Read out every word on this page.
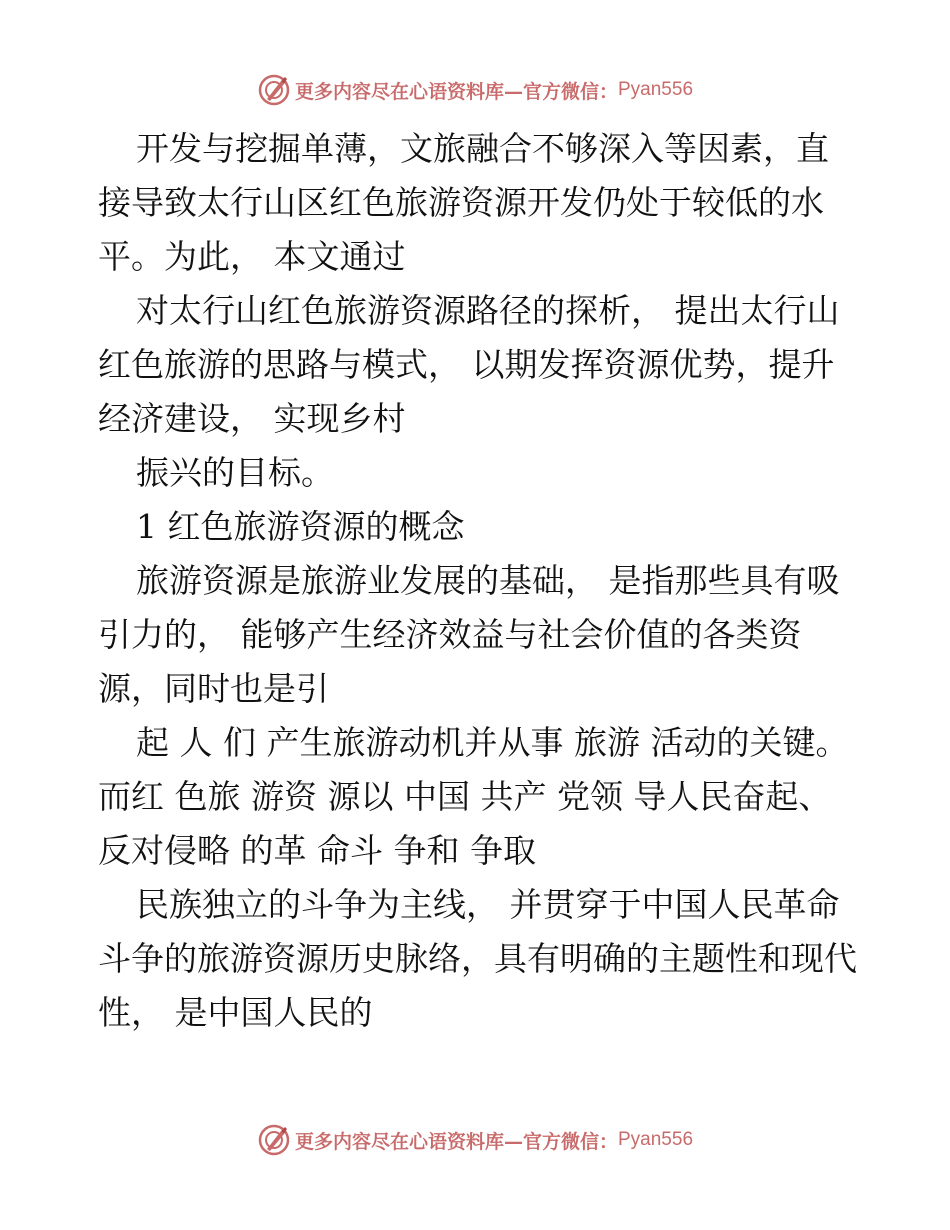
更多内容尽在心语资料库—官方微信： Pyan556

开发与挖掘单薄，文旅融合不够深入等因素，直接导致太行山区红色旅游资源开发仍处于较低的水平。为此， 本文通过

对太行山红色旅游资源路径的探析， 提出太行山红色旅游的思路与模式， 以期发挥资源优势，提升经济建设， 实现乡村

振兴的目标。

1 红色旅游资源的概念

旅游资源是旅游业发展的基础， 是指那些具有吸引力的， 能够产生经济效益与社会价值的各类资源，同时也是引

起 人 们 产生旅游动机并从事 旅游 活动的关键。而红 色旅 游资 源以 中国 共产 党领 导人民奋起、反对侵略 的革 命斗 争和 争取

民族独立的斗争为主线， 并贯穿于中国人民革命斗争的旅游资源历史脉络，具有明确的主题性和现代性， 是中国人民的

更多内容尽在心语资料库—官方微信： Pyan556
